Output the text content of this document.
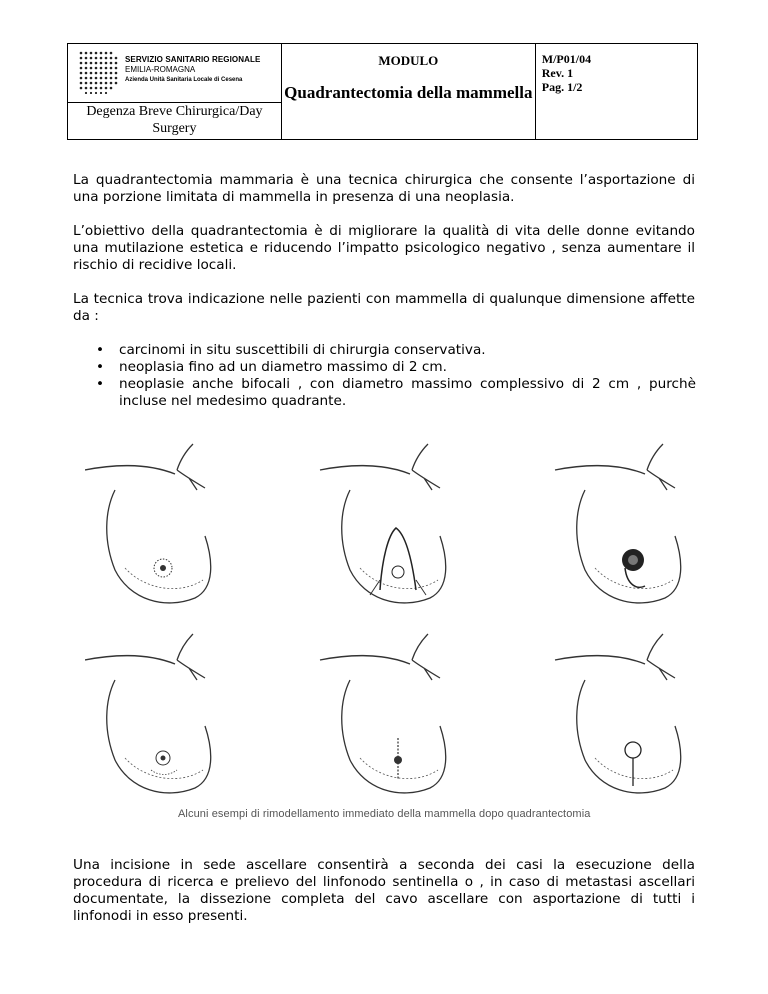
SERVIZIO SANITARIO REGIONALE
EMILIA-ROMAGNA
Azienda Unità Sanitaria Locale di Cesena

MODULO
Quadrantectomia della mammella

M/P01/04
Rev. 1
Pag. 1/2

Degenza Breve Chirurgica/Day Surgery
La quadrantectomia mammaria è una tecnica chirurgica che consente l’asportazione di una porzione limitata di mammella in presenza di una neoplasia.
L’obiettivo della quadrantectomia è di migliorare la qualità di vita delle donne evitando una mutilazione estetica e riducendo l’impatto psicologico negativo , senza aumentare il rischio di recidive locali.
La tecnica trova indicazione nelle pazienti con mammella di qualunque dimensione affette da :
• carcinomi in situ suscettibili di chirurgia conservativa.
• neoplasia fino ad un diametro massimo di 2 cm.
• neoplasie anche bifocali , con diametro massimo complessivo di 2 cm , purchè incluse nel medesimo quadrante.
Alcuni esempi di rimodellamento immediato della mammella dopo quadrantectomia
Una incisione in sede ascellare consentirà a seconda dei casi la esecuzione della procedura di ricerca e prelievo del linfonodo sentinella o , in caso di metastasi ascellari documentate, la dissezione completa del cavo ascellare con asportazione di tutti i linfonodi in esso presenti.
